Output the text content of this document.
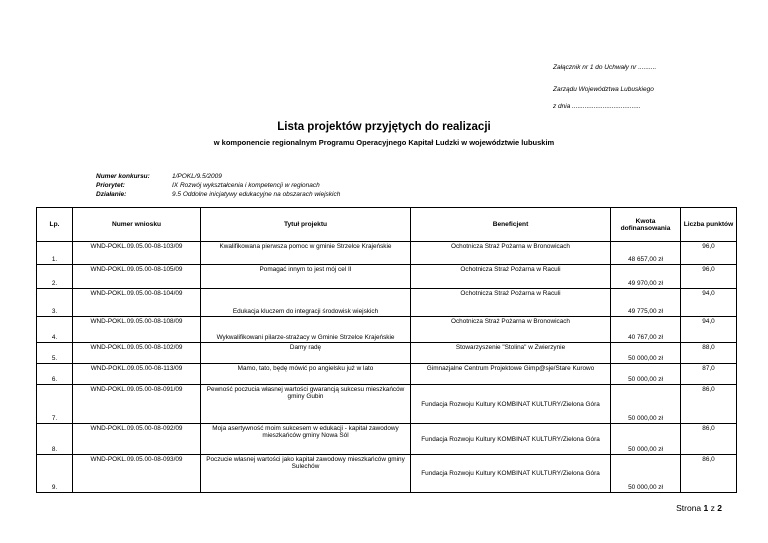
Załącznik nr 1 do Uchwały nr ..........
Zarządu Województwa Lubuskiego
z dnia ......................................
Lista projektów przyjętych do realizacji
w komponencie regionalnym Programu Operacyjnego Kapitał Ludzki w województwie lubuskim
Numer konkursu:	1/POKL/9.5/2009
Priorytet:	IX Rozwój wykształcenia i kompetencji w regionach
Działanie:	9.5 Oddolne inicjatywy edukacyjne na obszarach wiejskich
Lp.	Numer wniosku	Tytuł projektu	Beneficjent	Kwota dofinansowania	Liczba punktów
1.	WND-POKL.09.05.00-08-103/09	Kwalifikowana pierwsza pomoc w gminie Strzelce Krajeńskie	Ochotnicza Straż Pożarna w Bronowicach	48 657,00 zł	96,0
2.	WND-POKL.09.05.00-08-105/09	Pomagać innym to jest mój cel II	Ochotnicza Straż Pożarna w Raculi	49 970,00 zł	96,0
3.	WND-POKL.09.05.00-08-104/09	Edukacja kluczem do integracji środowisk wiejskich	Ochotnicza Straż Pożarna w Raculi	49 775,00 zł	94,0
4.	WND-POKL.09.05.00-08-108/09	Wykwalifikowani pilarze-strażacy w Gminie Strzelce Krajeńskie	Ochotnicza Straż Pożarna w Bronowicach	40 767,00 zł	94,0
5.	WND-POKL.09.05.00-08-102/09	Damy radę	Stowarzyszenie "Stolina" w Zwierzynie	50 000,00 zł	88,0
6.	WND-POKL.09.05.00-08-113/09	Mamo, tato, będę mówić po angielsku już w lato	Gimnazjalne Centrum Projektowe Gimp@sje/Stare Kurowo	50 000,00 zł	87,0
7.	WND-POKL.09.05.00-08-091/09	Pewność poczucia własnej wartości gwarancją sukcesu mieszkańców gminy Gubin	Fundacja Rozwoju Kultury KOMBINAT KULTURY/Zielona Góra	50 000,00 zł	86,0
8.	WND-POKL.09.05.00-08-092/09	Moja asertywność moim sukcesem w edukacji - kapitał zawodowy mieszkańców gminy Nowa Sól	Fundacja Rozwoju Kultury KOMBINAT KULTURY/Zielona Góra	50 000,00 zł	86,0
9.	WND-POKL.09.05.00-08-093/09	Poczucie własnej wartości jako kapitał zawodowy mieszkańców gminy Sulechów	Fundacja Rozwoju Kultury KOMBINAT KULTURY/Zielona Góra	50 000,00 zł	86,0
Strona 1 z 2
